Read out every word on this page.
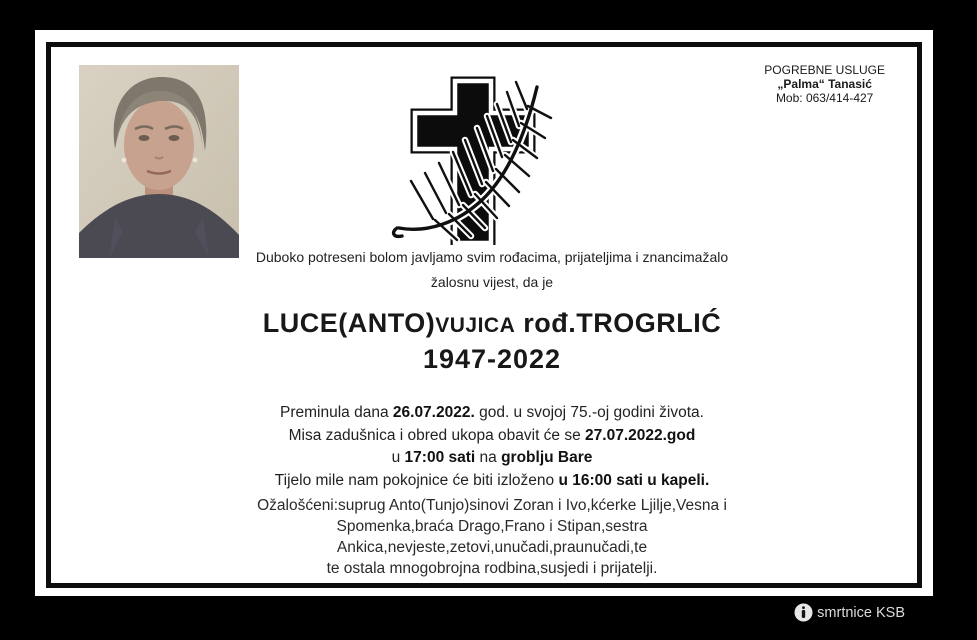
POGREBNE USLUGE
„Palma“ Tanasić
Mob: 063/414-427
Duboko potreseni bolom javljamo svim rođacima, prijateljima i znancimažalo
žalosnu vijest, da je
LUCE(ANTO)VUJICA rođ.TROGRLIĆ
1947-2022
Preminula dana 26.07.2022. god. u svojoj 75.-oj godini života.
Misa zadušnica i obred ukopa obavit će se 27.07.2022.god
u 17:00 sati na groblju Bare
Tijelo mile nam pokojnice će biti izloženo u 16:00 sati u kapeli.
Ožalošćeni:suprug Anto(Tunjo)sinovi Zoran i Ivo,kćerke Ljilje,Vesna i
Spomenka,braća Drago,Frano i Stipan,sestra
Ankica,nevjeste,zetovi,unučadi,praunučadi,te
te ostala mnogobrojna rodbina,susjedi i prijatelji.
smrtnice KSB
